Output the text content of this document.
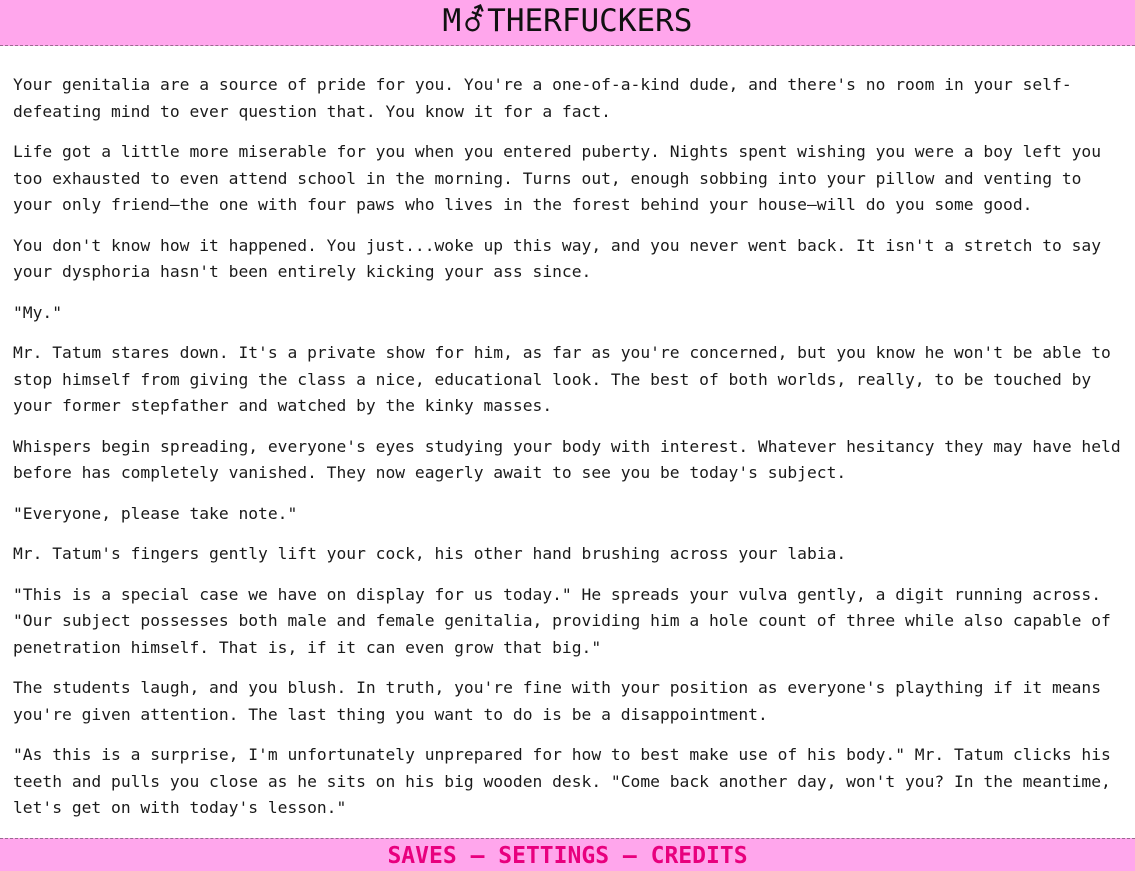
M⚦THERFUCKERS

Your genitalia are a source of pride for you. You're a one-of-a-kind dude, and there's no room in your self-
defeating mind to ever question that. You know it for a fact.

Life got a little more miserable for you when you entered puberty. Nights spent wishing you were a boy left you
too exhausted to even attend school in the morning. Turns out, enough sobbing into your pillow and venting to
your only friend—the one with four paws who lives in the forest behind your house—will do you some good.

You don't know how it happened. You just...woke up this way, and you never went back. It isn't a stretch to say
your dysphoria hasn't been entirely kicking your ass since.

"My."

Mr. Tatum stares down. It's a private show for him, as far as you're concerned, but you know he won't be able to
stop himself from giving the class a nice, educational look. The best of both worlds, really, to be touched by
your former stepfather and watched by the kinky masses.

Whispers begin spreading, everyone's eyes studying your body with interest. Whatever hesitancy they may have held
before has completely vanished. They now eagerly await to see you be today's subject.

"Everyone, please take note."

Mr. Tatum's fingers gently lift your cock, his other hand brushing across your labia.

"This is a special case we have on display for us today." He spreads your vulva gently, a digit running across.
"Our subject possesses both male and female genitalia, providing him a hole count of three while also capable of
penetration himself. That is, if it can even grow that big."

The students laugh, and you blush. In truth, you're fine with your position as everyone's plaything if it means
you're given attention. The last thing you want to do is be a disappointment.

"As this is a surprise, I'm unfortunately unprepared for how to best make use of his body." Mr. Tatum clicks his
teeth and pulls you close as he sits on his big wooden desk. "Come back another day, won't you? In the meantime,
let's get on with today's lesson."

SAVES — SETTINGS — CREDITS
